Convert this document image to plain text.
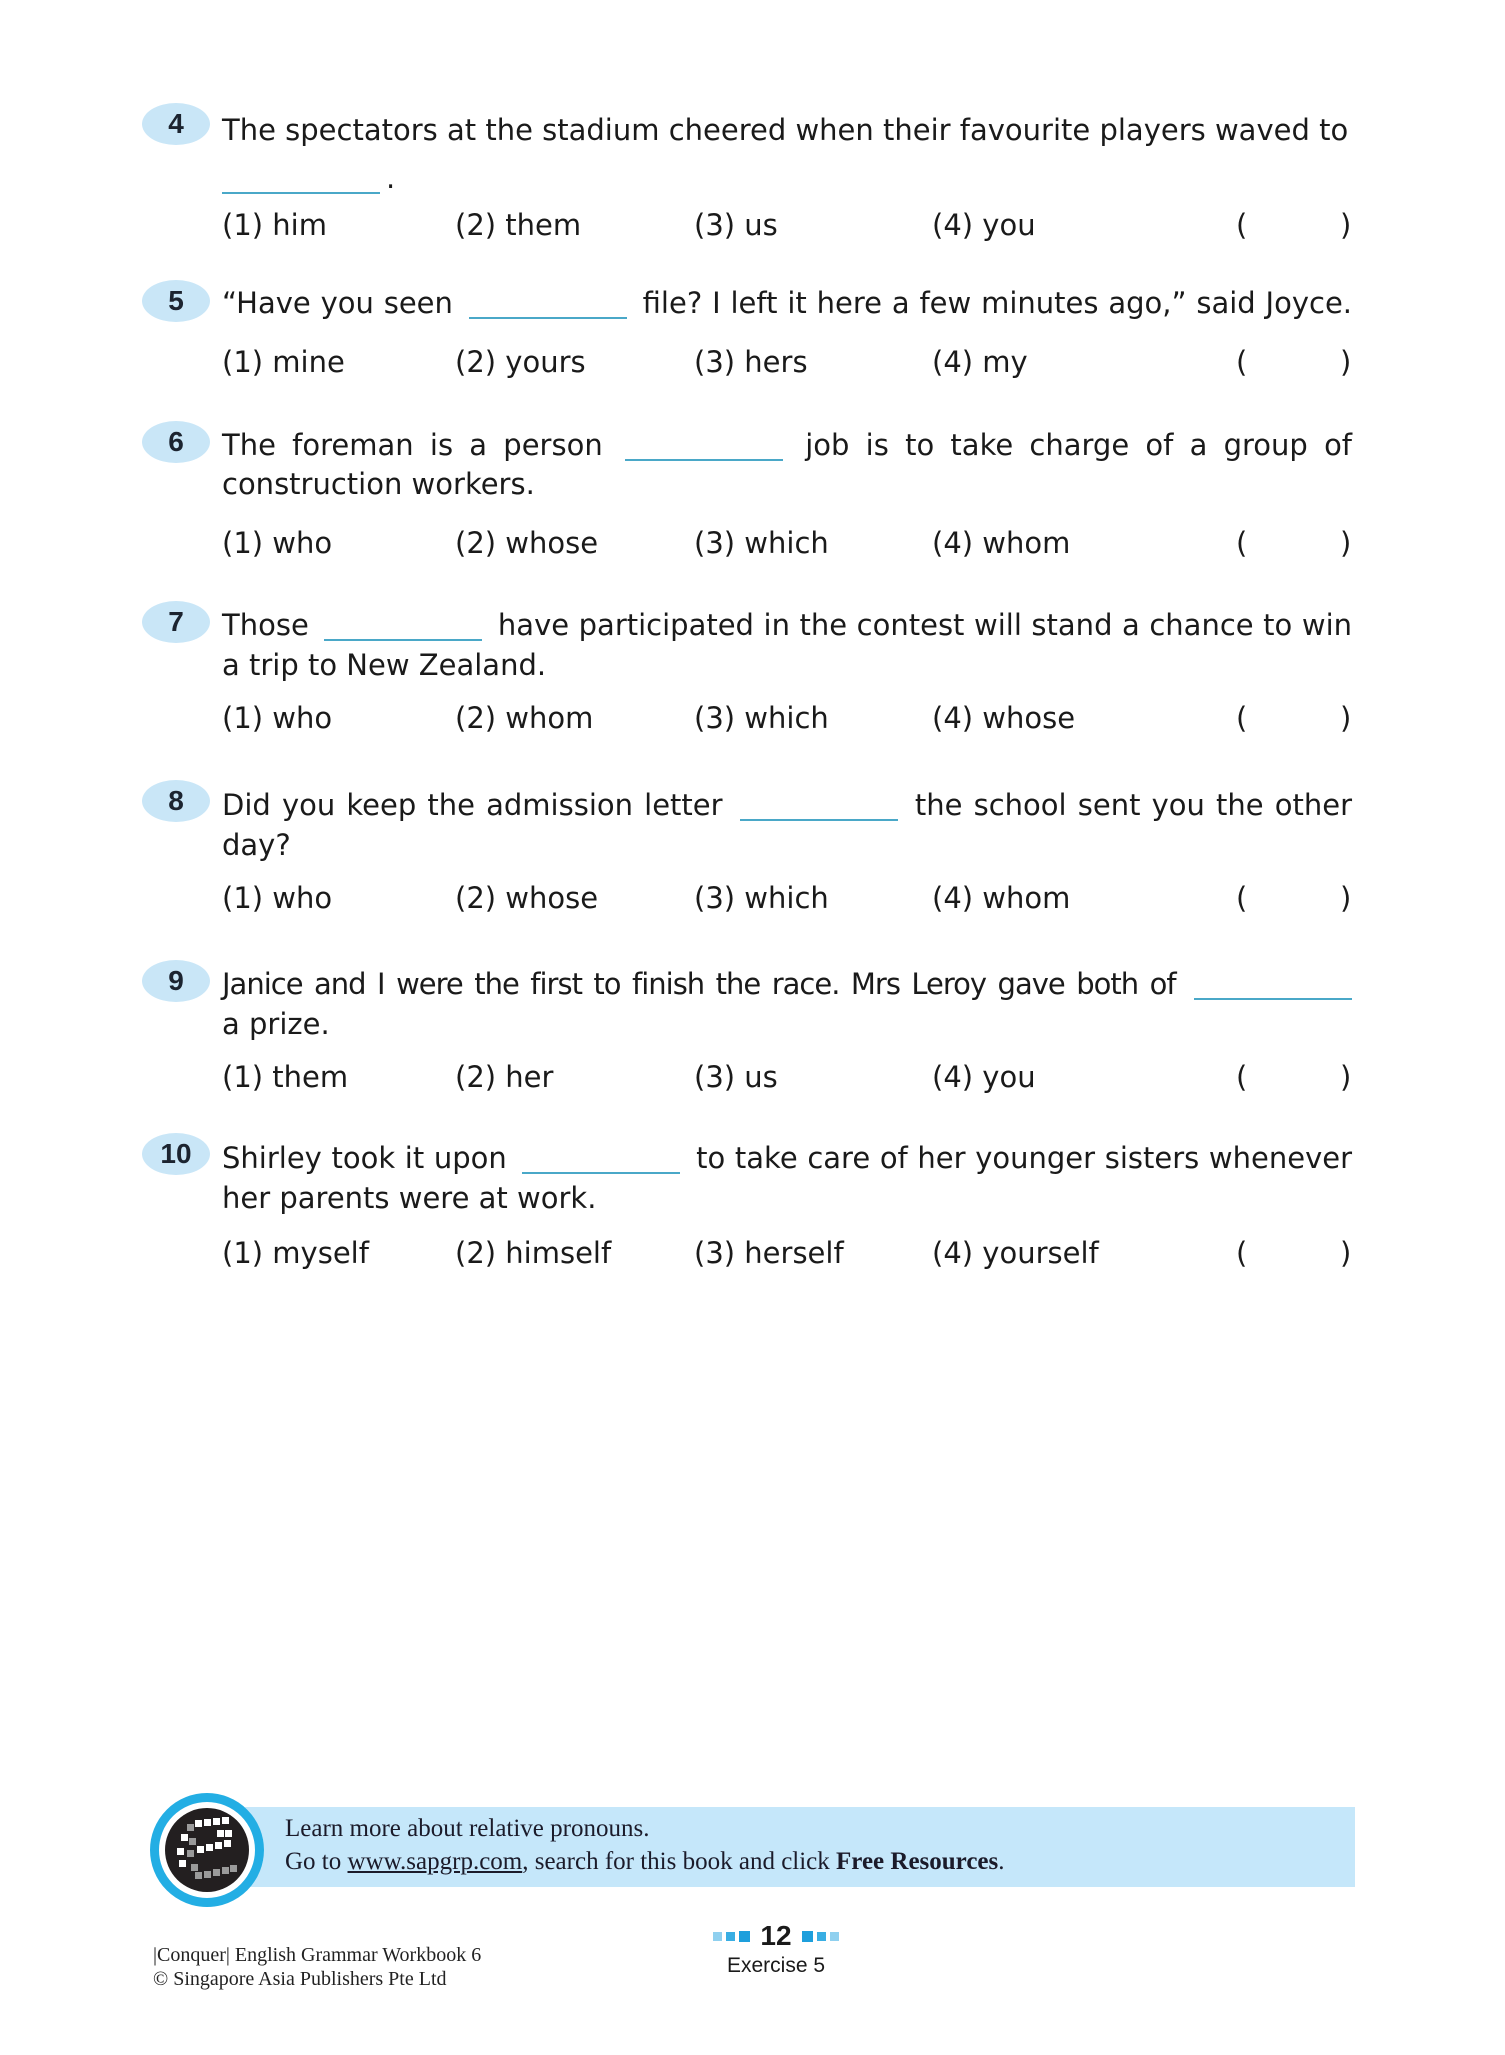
4	The spectators at the stadium cheered when their favourite players waved to
.
(1) him	(2) them	(3) us	(4) you	(	)
5	“Have you seen	file? I left it here a few minutes ago,” said Joyce.
(1) mine	(2) yours	(3) hers	(4) my	(	)
6	The foreman is a person	job is to take charge of a group of
construction workers.
(1) who	(2) whose	(3) which	(4) whom	(	)
7	Those	have participated in the contest will stand a chance to win
a trip to New Zealand.
(1) who	(2) whom	(3) which	(4) whose	(	)
8	Did you keep the admission letter	the school sent you the other
day?
(1) who	(2) whose	(3) which	(4) whom	(	)
9	Janice and I were the first to finish the race. Mrs Leroy gave both of
a prize.
(1) them	(2) her	(3) us	(4) you	(	)
10	Shirley took it upon	to take care of her younger sisters whenever
her parents were at work.
(1) myself	(2) himself	(3) herself	(4) yourself	(	)
Learn more about relative pronouns.
Go to www.sapgrp.com, search for this book and click Free Resources.
|Conquer| English Grammar Workbook 6
© Singapore Asia Publishers Pte Ltd
12
Exercise 5
